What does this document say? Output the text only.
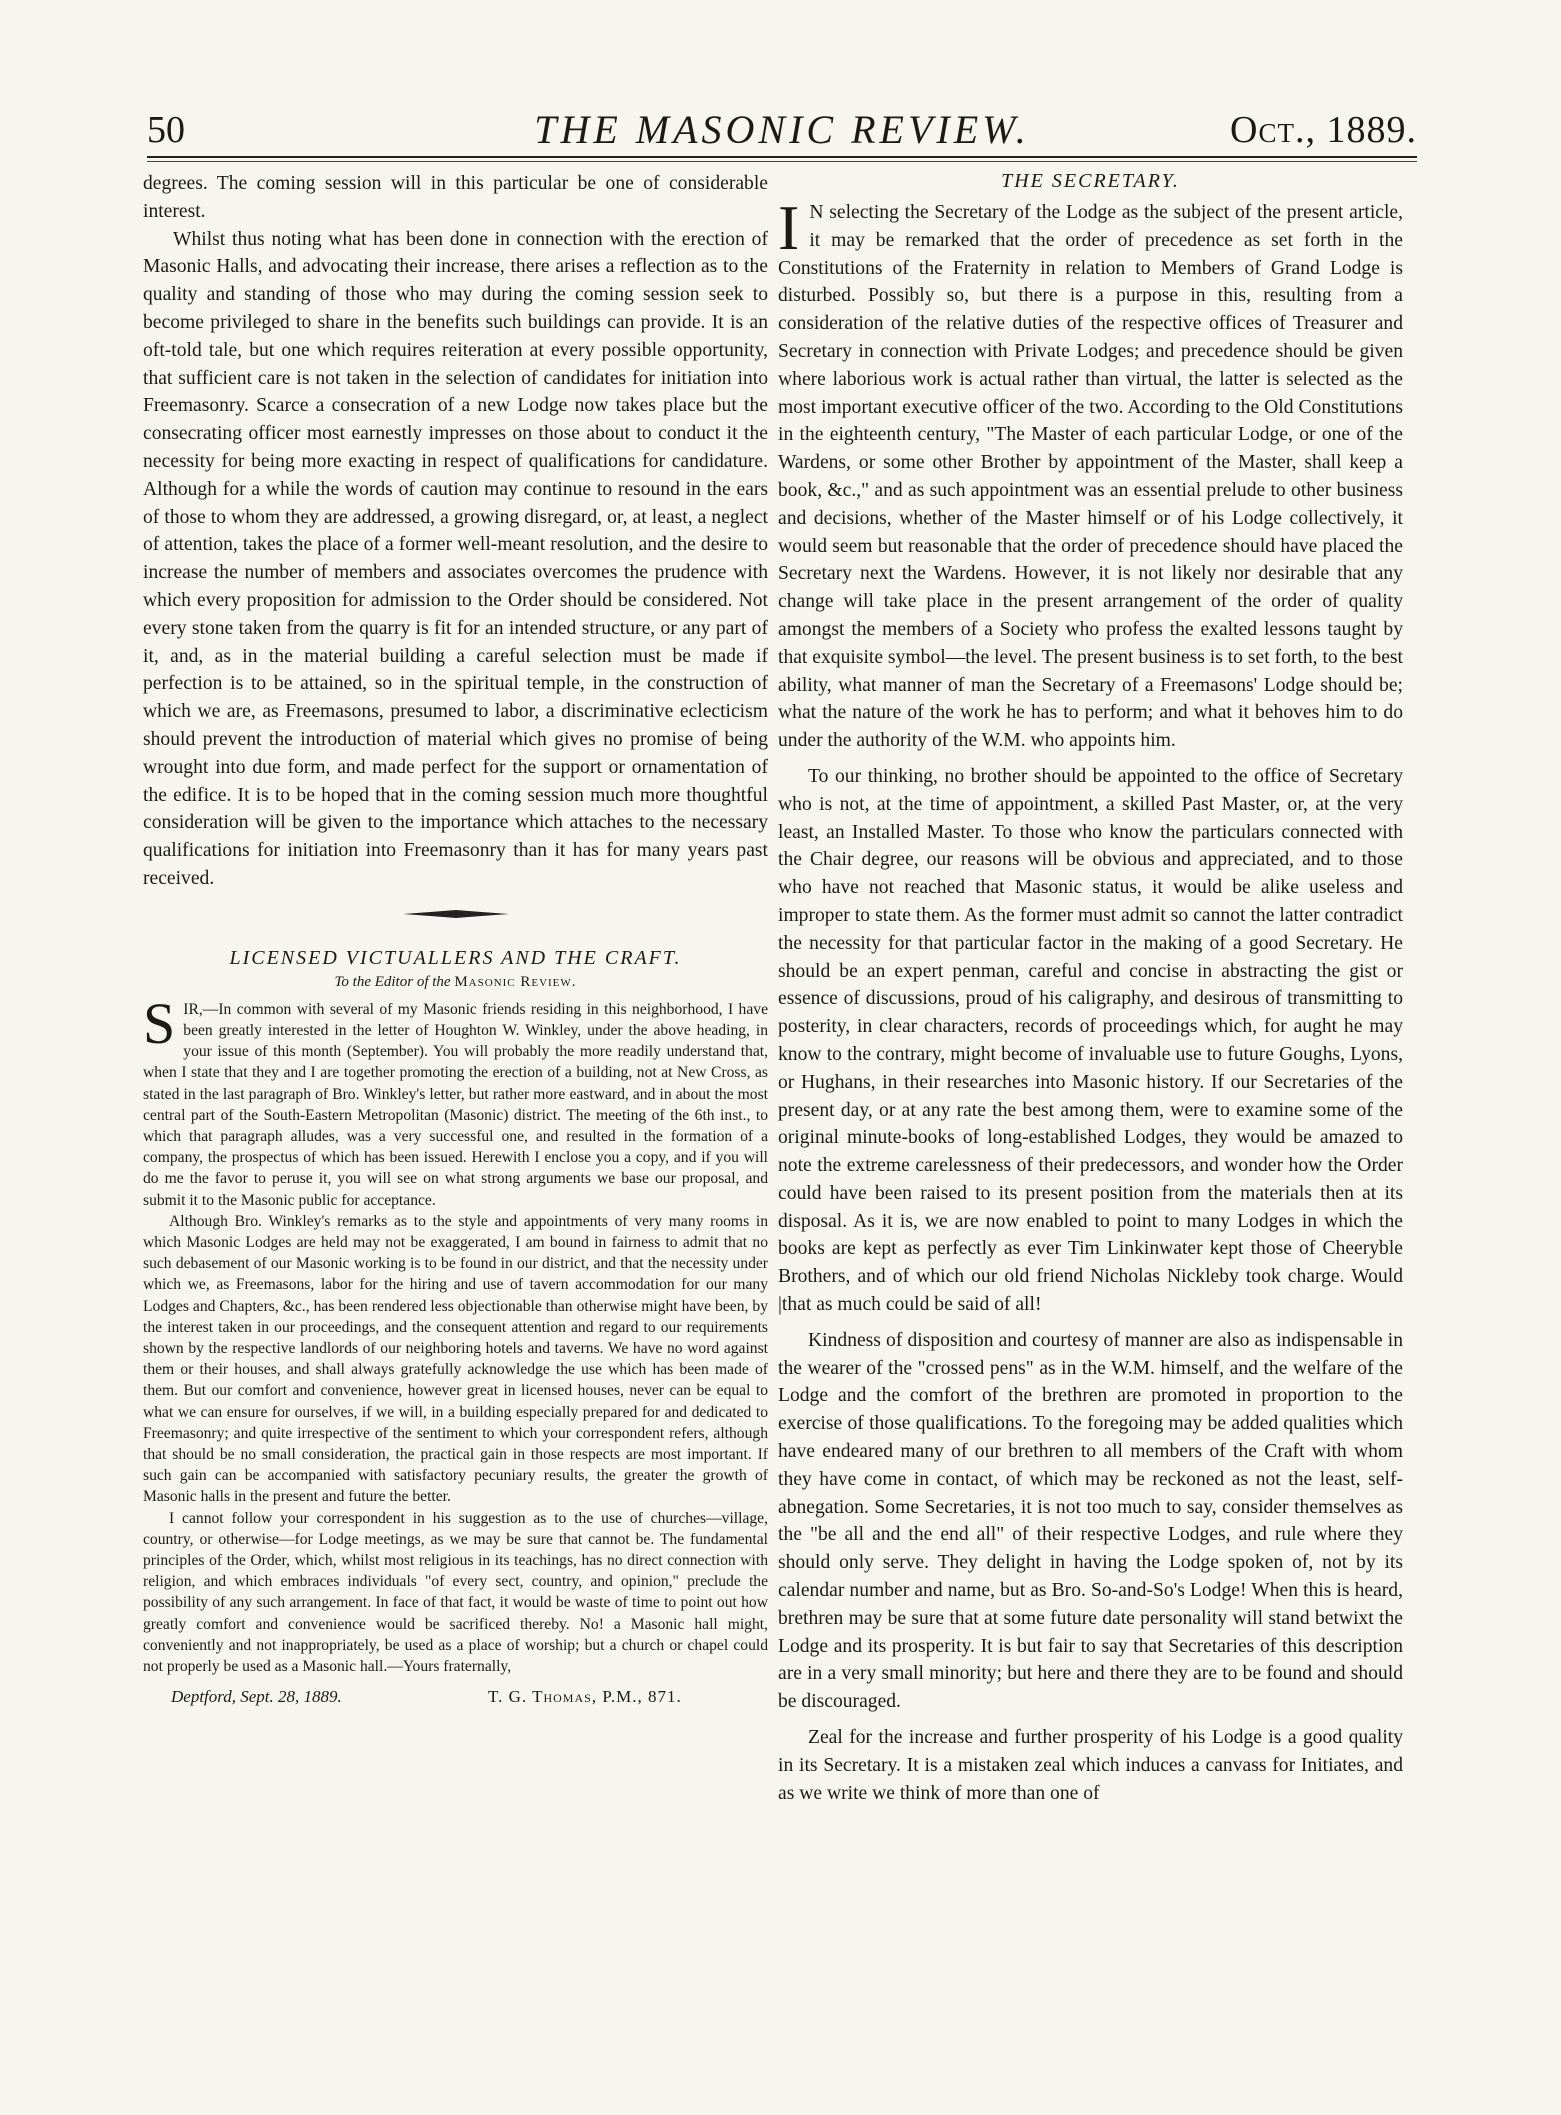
50	THE MASONIC REVIEW.	Oct., 1889.

degrees. The coming session will in this particular be one of considerable interest.

Whilst thus noting what has been done in connection with the erection of Masonic Halls, and advocating their increase, there arises a reflection as to the quality and standing of those who may during the coming session seek to become privileged to share in the benefits such buildings can provide. It is an oft-told tale, but one which requires reiteration at every possible opportunity, that sufficient care is not taken in the selection of candidates for initiation into Freemasonry. Scarce a consecration of a new Lodge now takes place but the consecrating officer most earnestly impresses on those about to conduct it the necessity for being more exacting in respect of qualifications for candidature. Although for a while the words of caution may continue to resound in the ears of those to whom they are addressed, a growing disregard, or, at least, a neglect of attention, takes the place of a former well-meant resolution, and the desire to increase the number of members and associates overcomes the prudence with which every proposition for admission to the Order should be considered. Not every stone taken from the quarry is fit for an intended structure, or any part of it, and, as in the material building a careful selection must be made if perfection is to be attained, so in the spiritual temple, in the construction of which we are, as Freemasons, presumed to labor, a discriminative eclecticism should prevent the introduction of material which gives no promise of being wrought into due form, and made perfect for the support or ornamentation of the edifice. It is to be hoped that in the coming session much more thoughtful consideration will be given to the importance which attaches to the necessary qualifications for initiation into Freemasonry than it has for many years past received.

LICENSED VICTUALLERS AND THE CRAFT.

To the Editor of the Masonic Review.

SIR,—In common with several of my Masonic friends residing in this neighborhood, I have been greatly interested in the letter of Houghton W. Winkley, under the above heading, in your issue of this month (September). You will probably the more readily understand that, when I state that they and I are together promoting the erection of a building, not at New Cross, as stated in the last paragraph of Bro. Winkley's letter, but rather more eastward, and in about the most central part of the South-Eastern Metropolitan (Masonic) district. The meeting of the 6th inst., to which that paragraph alludes, was a very successful one, and resulted in the formation of a company, the prospectus of which has been issued. Herewith I enclose you a copy, and if you will do me the favor to peruse it, you will see on what strong arguments we base our proposal, and submit it to the Masonic public for acceptance.

Although Bro. Winkley's remarks as to the style and appointments of very many rooms in which Masonic Lodges are held may not be exaggerated, I am bound in fairness to admit that no such debasement of our Masonic working is to be found in our district, and that the necessity under which we, as Freemasons, labor for the hiring and use of tavern accommodation for our many Lodges and Chapters, &c., has been rendered less objectionable than otherwise might have been, by the interest taken in our proceedings, and the consequent attention and regard to our requirements shown by the respective landlords of our neighboring hotels and taverns. We have no word against them or their houses, and shall always gratefully acknowledge the use which has been made of them. But our comfort and convenience, however great in licensed houses, never can be equal to what we can ensure for ourselves, if we will, in a building especially prepared for and dedicated to Freemasonry; and quite irrespective of the sentiment to which your correspondent refers, although that should be no small consideration, the practical gain in those respects are most important. If such gain can be accompanied with satisfactory pecuniary results, the greater the growth of Masonic halls in the present and future the better.

I cannot follow your correspondent in his suggestion as to the use of churches—village, country, or otherwise—for Lodge meetings, as we may be sure that cannot be. The fundamental principles of the Order, which, whilst most religious in its teachings, has no direct connection with religion, and which embraces individuals "of every sect, country, and opinion," preclude the possibility of any such arrangement. In face of that fact, it would be waste of time to point out how greatly comfort and convenience would be sacrificed thereby. No! a Masonic hall might, conveniently and not inappropriately, be used as a place of worship; but a church or chapel could not properly be used as a Masonic hall.—Yours fraternally,

Deptford, Sept. 28, 1889.	T. G. Thomas, P.M., 871.

THE SECRETARY.

I N selecting the Secretary of the Lodge as the subject of the present article, it may be remarked that the order of precedence as set forth in the Constitutions of the Fraternity in relation to Members of Grand Lodge is disturbed. Possibly so, but there is a purpose in this, resulting from a consideration of the relative duties of the respective offices of Treasurer and Secretary in connection with Private Lodges; and precedence should be given where laborious work is actual rather than virtual, the latter is selected as the most important executive officer of the two. According to the Old Constitutions in the eighteenth century, "The Master of each particular Lodge, or one of the Wardens, or some other Brother by appointment of the Master, shall keep a book, &c.," and as such appointment was an essential prelude to other business and decisions, whether of the Master himself or of his Lodge collectively, it would seem but reasonable that the order of precedence should have placed the Secretary next the Wardens. However, it is not likely nor desirable that any change will take place in the present arrangement of the order of quality amongst the members of a Society who profess the exalted lessons taught by that exquisite symbol—the level. The present business is to set forth, to the best ability, what manner of man the Secretary of a Freemasons' Lodge should be; what the nature of the work he has to perform; and what it behoves him to do under the authority of the W.M. who appoints him.

To our thinking, no brother should be appointed to the office of Secretary who is not, at the time of appointment, a skilled Past Master, or, at the very least, an Installed Master. To those who know the particulars connected with the Chair degree, our reasons will be obvious and appreciated, and to those who have not reached that Masonic status, it would be alike useless and improper to state them. As the former must admit so cannot the latter contradict the necessity for that particular factor in the making of a good Secretary. He should be an expert penman, careful and concise in abstracting the gist or essence of discussions, proud of his caligraphy, and desirous of transmitting to posterity, in clear characters, records of proceedings which, for aught he may know to the contrary, might become of invaluable use to future Goughs, Lyons, or Hughans, in their researches into Masonic history. If our Secretaries of the present day, or at any rate the best among them, were to examine some of the original minute-books of long-established Lodges, they would be amazed to note the extreme carelessness of their predecessors, and wonder how the Order could have been raised to its present position from the materials then at its disposal. As it is, we are now enabled to point to many Lodges in which the books are kept as perfectly as ever Tim Linkinwater kept those of Cheeryble Brothers, and of which our old friend Nicholas Nickleby took charge. Would |that as much could be said of all!

Kindness of disposition and courtesy of manner are also as indispensable in the wearer of the "crossed pens" as in the W.M. himself, and the welfare of the Lodge and the comfort of the brethren are promoted in proportion to the exercise of those qualifications. To the foregoing may be added qualities which have endeared many of our brethren to all members of the Craft with whom they have come in contact, of which may be reckoned as not the least, self-abnegation. Some Secretaries, it is not too much to say, consider themselves as the "be all and the end all" of their respective Lodges, and rule where they should only serve. They delight in having the Lodge spoken of, not by its calendar number and name, but as Bro. So-and-So's Lodge! When this is heard, brethren may be sure that at some future date personality will stand betwixt the Lodge and its prosperity. It is but fair to say that Secretaries of this description are in a very small minority; but here and there they are to be found and should be discouraged.

Zeal for the increase and further prosperity of his Lodge is a good quality in its Secretary. It is a mistaken zeal which induces a canvass for Initiates, and as we write we think of more than one of
